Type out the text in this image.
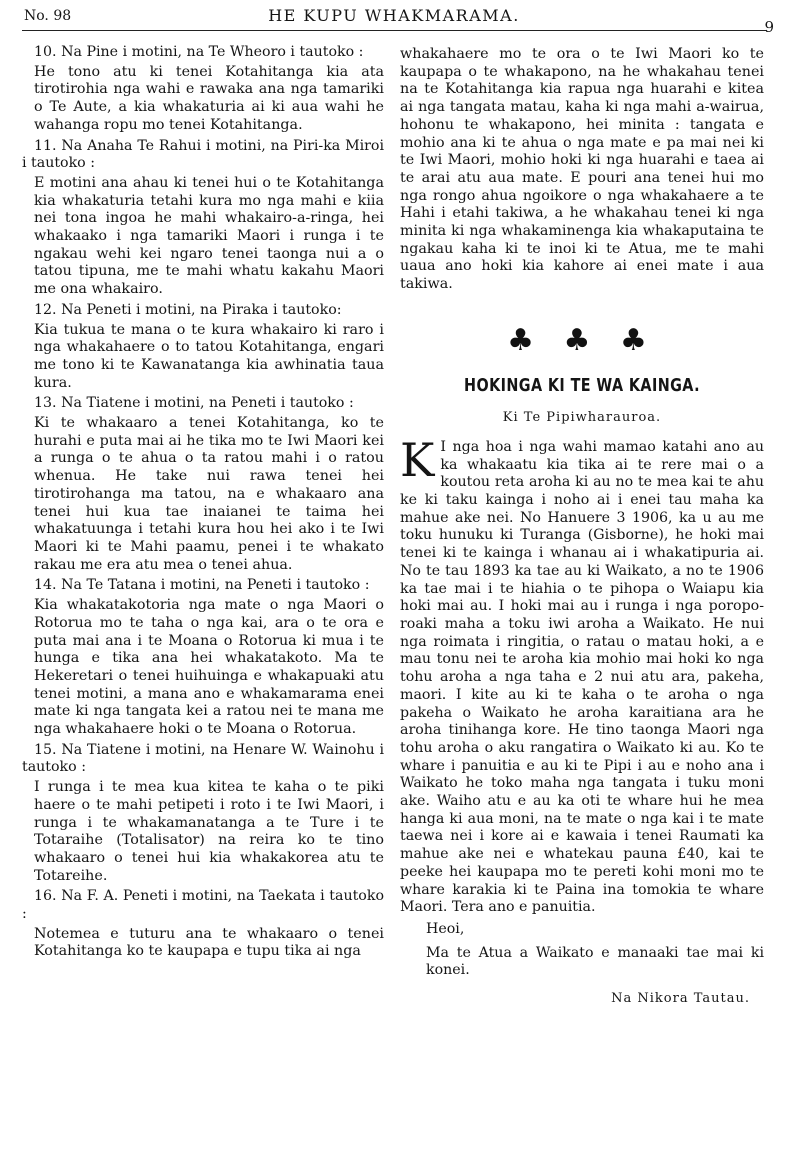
No. 98	HE KUPU WHAKMARAMA.
9

10. Na Pine i motini, na Te Wheoro i tautoko :

He tono atu ki tenei Kotahitanga kia ata tirotirohia nga wahi e rawaka ana nga tamariki o Te Aute, a kia whakaturia ai ki aua wahi he wahanga ropu mo tenei Kotahitanga.

11. Na Anaha Te Rahui i motini, na Piri-ka Miroi i tautoko :

E motini ana ahau ki tenei hui o te Kotahitanga kia whakaturia tetahi kura mo nga mahi e kiia nei tona ingoa he mahi whakairo-a-ringa, hei whakaako i nga tamariki Maori i runga i te ngakau wehi kei ngaro tenei taonga nui a o tatou tipuna, me te mahi whatu kakahu Maori me ona whakairo.

12. Na Peneti i motini, na Piraka i tautoko:

Kia tukua te mana o te kura whakairo ki raro i nga whakahaere o to tatou Kotahitanga, engari me tono ki te Kawanatanga kia awhinatia taua kura.

13. Na Tiatene i motini, na Peneti i tautoko :

Ki te whakaaro a tenei Kotahitanga, ko te hurahi e puta mai ai he tika mo te Iwi Maori kei a runga o te ahua o ta ratou mahi i o ratou whenua. He take nui rawa tenei hei tirotirohanga ma tatou, na e whakaaro ana tenei hui kua tae inaianei te taima hei whakatuunga i tetahi kura hou hei ako i te Iwi Maori ki te Mahi paamu, penei i te whakato rakau me era atu mea o tenei ahua.

14. Na Te Tatana i motini, na Peneti i tautoko :

Kia whakatakotoria nga mate o nga Maori o Rotorua mo te taha o nga kai, ara o te ora e puta mai ana i te Moana o Rotorua ki mua i te hunga e tika ana hei whakatakoto. Ma te Hekeretari o tenei huihuinga e whakapuaki atu tenei motini, a mana ano e whakamarama enei mate ki nga tangata kei a ratou nei te mana me nga whakahaere hoki o te Moana o Rotorua.

15. Na Tiatene i motini, na Henare W. Wainohu i tautoko :

I runga i te mea kua kitea te kaha o te piki haere o te mahi petipeti i roto i te Iwi Maori, i runga i te whakamanatanga a te Ture i te Totaraihe (Totalisator) na reira ko te tino whakaaro o tenei hui kia whakakorea atu te Totareihe.

16. Na F. A. Peneti i motini, na Taekata i tautoko :

Notemea e tuturu ana te whakaaro o tenei Kotahitanga ko te kaupapa e tupu tika ai nga

whakahaere mo te ora o te Iwi Maori ko te kaupapa o te whakapono, na he whakahau tenei na te Kotahitanga kia rapua nga huarahi e kitea ai nga tangata matau, kaha ki nga mahi a-wairua, hohonu te whakapono, hei minita : tangata e mohio ana ki te ahua o nga mate e pa mai nei ki te Iwi Maori, mohio hoki ki nga huarahi e taea ai te arai atu aua mate. E pouri ana tenei hui mo nga rongo ahua ngoikore o nga whakahaere a te Hahi i etahi takiwa, a he whakahau tenei ki nga minita ki nga whakaminenga kia whakaputaina te ngakau kaha ki te inoi ki te Atua, me te mahi uaua ano hoki kia kahore ai enei mate i aua takiwa.

♣ ♣ ♣
HOKINGA KI TE WA KAINGA.
Ki Te Pipiwharauroa.

K I nga hoa i nga wahi mamao katahi ano au ka whakaatu kia tika ai te rere mai o a koutou reta aroha ki au no te mea kai te ahu ke ki taku kainga i noho ai i enei tau maha ka mahue ake nei. No Hanuere 3 1906, ka u au me toku hunuku ki Turanga (Gisborne), he hoki mai tenei ki te kainga i whanau ai i whakatipuria ai. No te tau 1893 ka tae au ki Waikato, a no te 1906 ka tae mai i te hiahia o te pihopa o Waiapu kia hoki mai au. I hoki mai au i runga i nga poropo-roaki maha a toku iwi aroha a Waikato. He nui nga roimata i ringitia, o ratau o matau hoki, a e mau tonu nei te aroha kia mohio mai hoki ko nga tohu aroha a nga taha e 2 nui atu ara, pakeha, maori. I kite au ki te kaha o te aroha o nga pakeha o Waikato he aroha karaitiana ara he aroha tinihanga kore. He tino taonga Maori nga tohu aroha o aku rangatira o Waikato ki au. Ko te whare i panuitia e au ki te Pipi i au e noho ana i Waikato he toko maha nga tangata i tuku moni ake. Waiho atu e au ka oti te whare hui he mea hanga ki aua moni, na te mate o nga kai i te mate taewa nei i kore ai e kawaia i tenei Raumati ka mahue ake nei e whatekau pauna £40, kai te peeke hei kaupapa mo te pereti kohi moni mo te whare karakia ki te Paina ina tomokia te whare Maori. Tera ano e panuitia.

Heoi,

Ma te Atua a Waikato e manaaki tae mai ki konei.

Na Nikora Tautau.
